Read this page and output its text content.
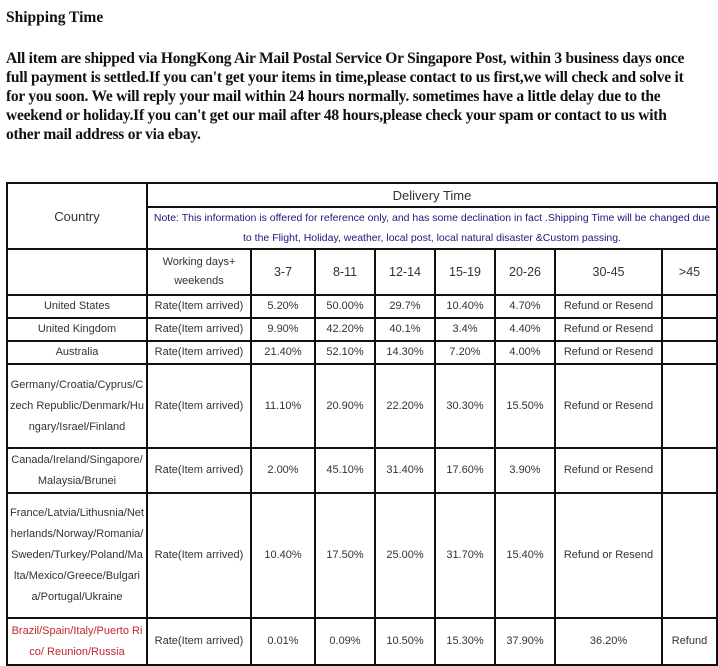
Shipping Time
All item are shipped via HongKong Air Mail Postal Service Or Singapore Post, within 3 business days once
full payment is settled.If you can't get your items in time,please contact to us first,we will check and solve it
for you soon. We will reply your mail within 24 hours normally. sometimes have a little delay due to the
weekend or holiday.If you can't get our mail after 48 hours,please check your spam or contact to us with
other mail address or via ebay.
Country	Delivery Time							
	Note: This information is offered for reference only, and has some declination in fact .Shipping Time will be changed due to the Flight, Holiday, weather, local post, local natural disaster &Custom passing.							
	Working days+ weekends	3-7	8-11	12-14	15-19	20-26	30-45	>45
United States	Rate(Item arrived)	5.20%	50.00%	29.7%	10.40%	4.70%	Refund or Resend	
United Kingdom	Rate(Item arrived)	9.90%	42.20%	40.1%	3.4%	4.40%	Refund or Resend	
Australia	Rate(Item arrived)	21.40%	52.10%	14.30%	7.20%	4.00%	Refund or Resend	
Germany/Croatia/Cyprus/Czech Republic/Denmark/Hungary/Israel/Finland	Rate(Item arrived)	11.10%	20.90%	22.20%	30.30%	15.50%	Refund or Resend	
Canada/Ireland/Singapore/Malaysia/Brunei	Rate(Item arrived)	2.00%	45.10%	31.40%	17.60%	3.90%	Refund or Resend	
France/Latvia/Lithusnia/Netherlands/Norway/Romania/Sweden/Turkey/Poland/Malta/Mexico/Greece/Bulgaria/Portugal/Ukraine	Rate(Item arrived)	10.40%	17.50%	25.00%	31.70%	15.40%	Refund or Resend	
Brazil/Spain/Italy/Puerto Rico/ Reunion/Russia	Rate(Item arrived)	0.01%	0.09%	10.50%	15.30%	37.90%	36.20%	Refund
